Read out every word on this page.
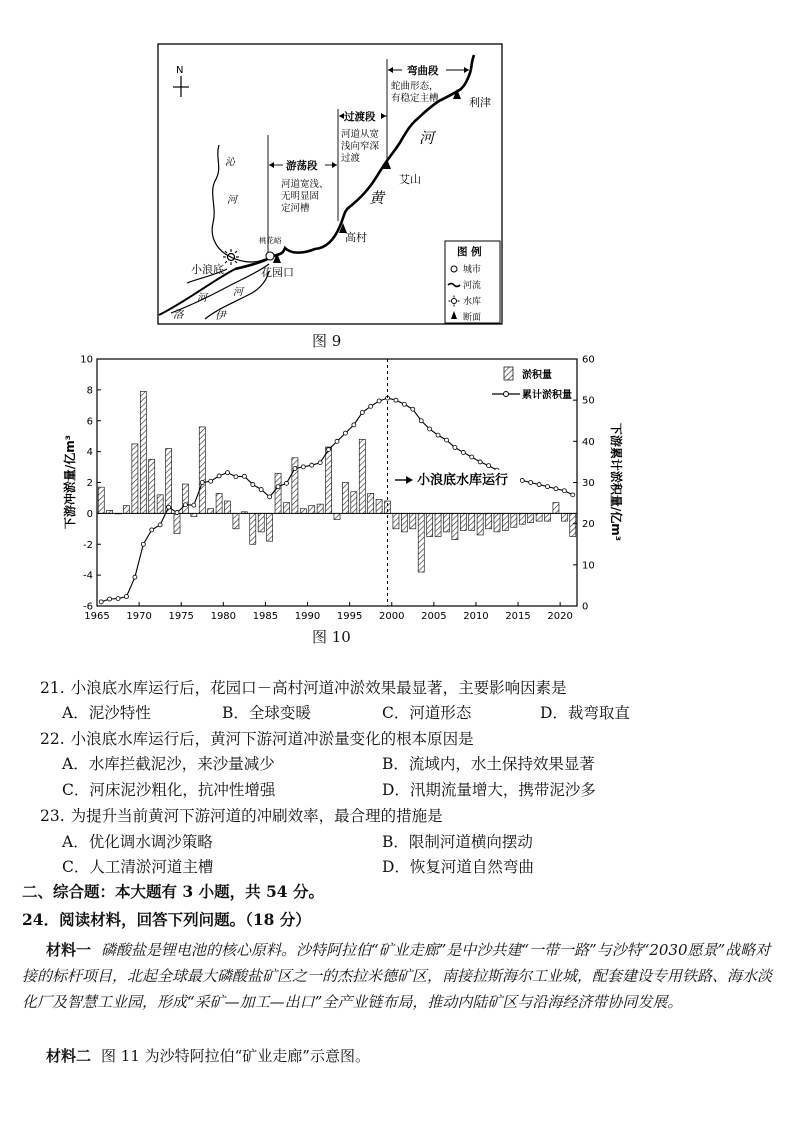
N
游荡段
过渡段
弯曲段
河道宽浅、
无明显固
定河槽
河道从宽
浅向窄深
过渡
蛇曲形态，
有稳定主槽
河
黄
沁
河
洛
河
伊
河
利津
艾山
高村
桃花峪
花园口
小浪底
图 例
城市
河流
水库
断面
图 9
10
8
6
4
2
0
-2
-4
-6
60
50
40
30
20
10
0
1965 1970 1975 1980 1985 1990 1995 2000 2005 2010 2015 2020
小浪底水库运行
淤积量
累计淤积量
下游冲淤量/亿m³	下游累计淤积量/亿m³
图 10
21. 小浪底水库运行后，花园口－高村河道冲淤效果最显著，主要影响因素是
A．泥沙特性	B．全球变暖	C．河道形态	D．裁弯取直
22. 小浪底水库运行后，黄河下游河道冲淤量变化的根本原因是
A．水库拦截泥沙，来沙量减少	B．流域内，水土保持效果显著
C．河床泥沙粗化，抗冲性增强	D．汛期流量增大，携带泥沙多
23. 为提升当前黄河下游河道的冲刷效率，最合理的措施是
A．优化调水调沙策略	B．限制河道横向摆动
C．人工清淤河道主槽	D．恢复河道自然弯曲
二、综合题：本大题有 3 小题，共 54 分。
24．阅读材料，回答下列问题。（18 分）
材料一 磷酸盐是锂电池的核心原料。沙特阿拉伯“矿业走廊”是中沙共建“一带一路”与沙特“2030愿景”战略对接的标杆项目，北起全球最大磷酸盐矿区之一的杰拉米德矿区，南接拉斯海尔工业城，配套建设专用铁路、海水淡化厂及智慧工业园，形成“采矿—加工—出口”全产业链布局，推动内陆矿区与沿海经济带协同发展。
材料二 图 11 为沙特阿拉伯“矿业走廊”示意图。
